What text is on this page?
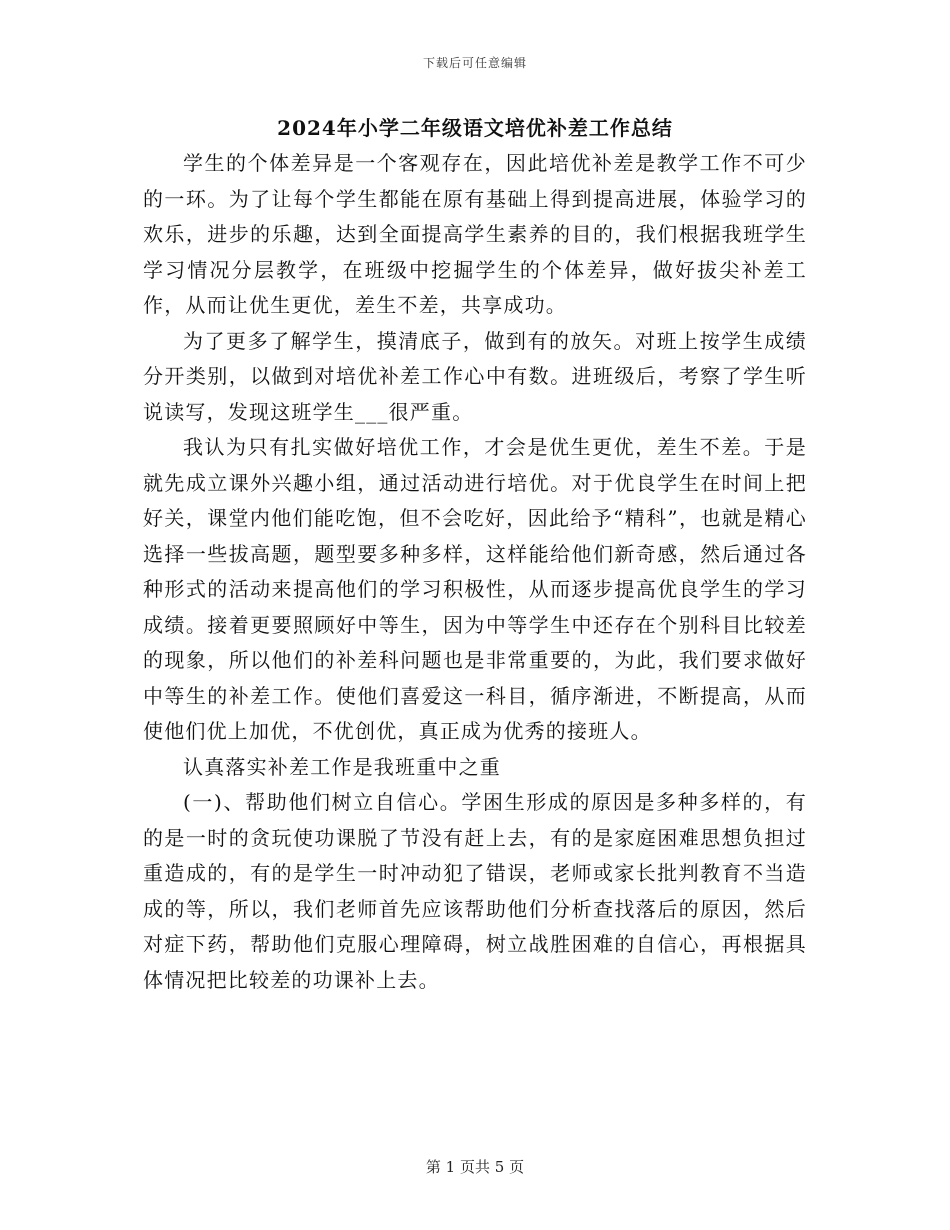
下载后可任意编辑
2024年小学二年级语文培优补差工作总结

学生的个体差异是一个客观存在，因此培优补差是教学工作不可少的一环。为了让每个学生都能在原有基础上得到提高进展，体验学习的欢乐，进步的乐趣，达到全面提高学生素养的目的，我们根据我班学生学习情况分层教学，在班级中挖掘学生的个体差异，做好拔尖补差工作，从而让优生更优，差生不差，共享成功。

为了更多了解学生，摸清底子，做到有的放矢。对班上按学生成绩分开类别，以做到对培优补差工作心中有数。进班级后，考察了学生听说读写，发现这班学生___很严重。

我认为只有扎实做好培优工作，才会是优生更优，差生不差。于是就先成立课外兴趣小组，通过活动进行培优。对于优良学生在时间上把好关，课堂内他们能吃饱，但不会吃好，因此给予“精科”，也就是精心选择一些拔高题，题型要多种多样，这样能给他们新奇感，然后通过各种形式的活动来提高他们的学习积极性，从而逐步提高优良学生的学习成绩。接着更要照顾好中等生，因为中等学生中还存在个别科目比较差的现象，所以他们的补差科问题也是非常重要的，为此，我们要求做好中等生的补差工作。使他们喜爱这一科目，循序渐进，不断提高，从而使他们优上加优，不优创优，真正成为优秀的接班人。

认真落实补差工作是我班重中之重

(一)、帮助他们树立自信心。学困生形成的原因是多种多样的，有的是一时的贪玩使功课脱了节没有赶上去，有的是家庭困难思想负担过重造成的，有的是学生一时冲动犯了错误，老师或家长批判教育不当造成的等，所以，我们老师首先应该帮助他们分析查找落后的原因，然后对症下药，帮助他们克服心理障碍，树立战胜困难的自信心，再根据具体情况把比较差的功课补上去。

第 1 页共 5 页
